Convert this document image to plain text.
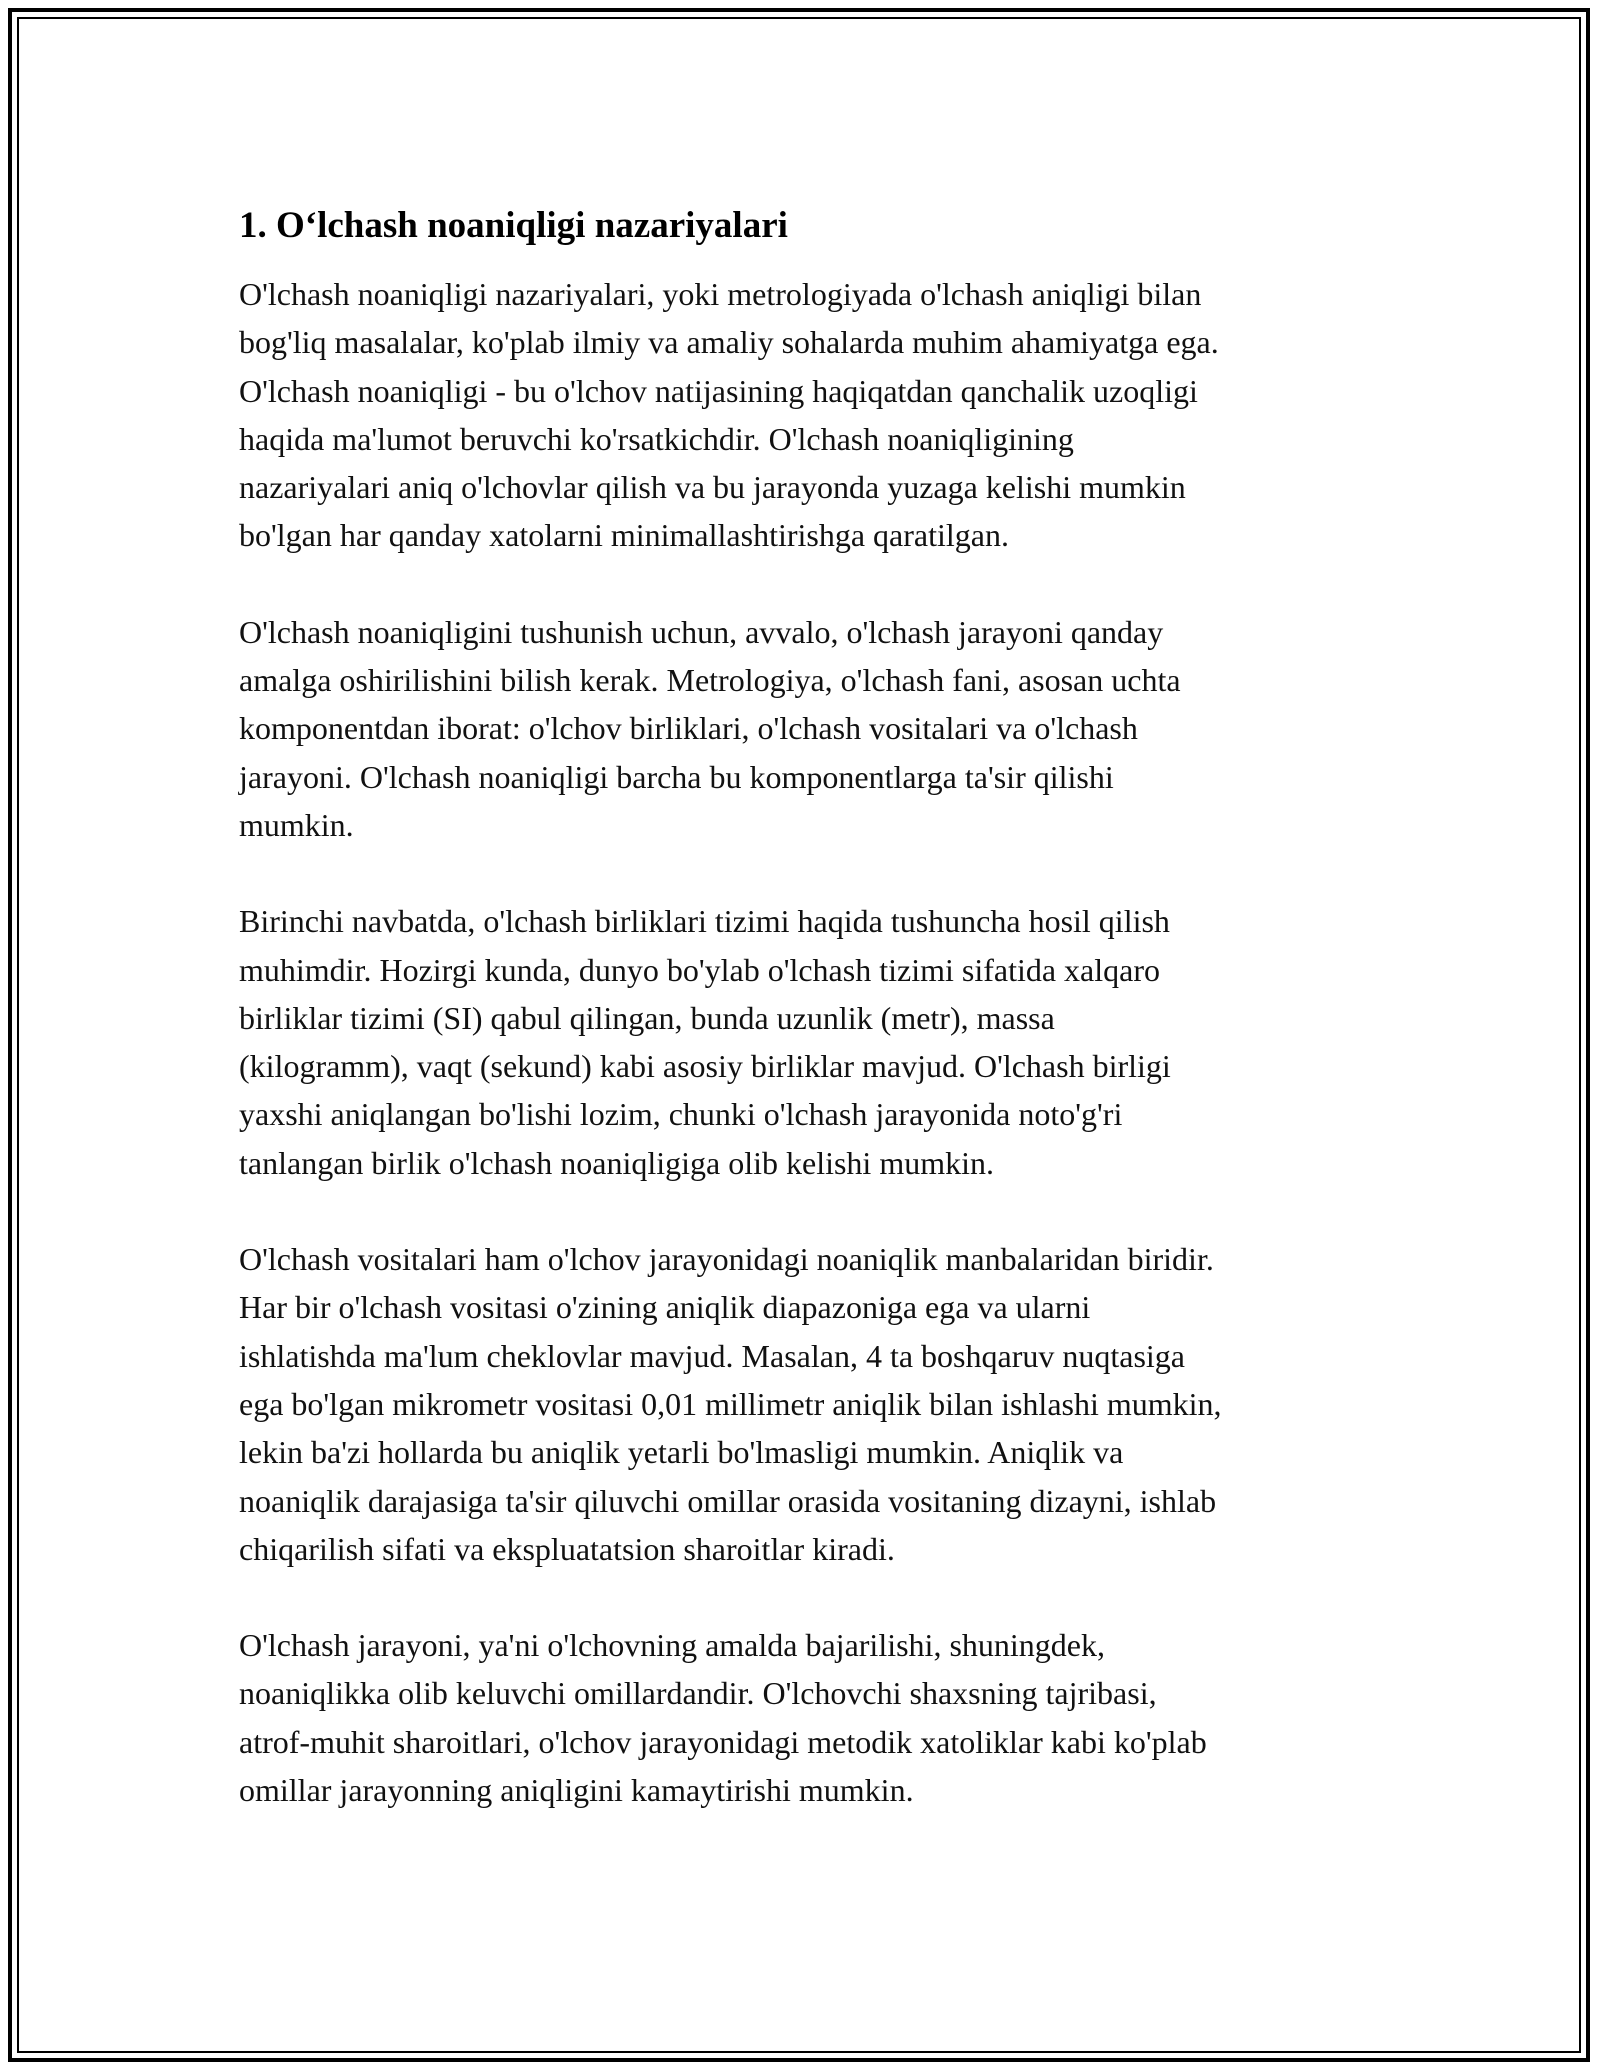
1. O‘lchash noaniqligi nazariyalari

O'lchash noaniqligi nazariyalari, yoki metrologiyada o'lchash aniqligi bilan
bog'liq masalalar, ko'plab ilmiy va amaliy sohalarda muhim ahamiyatga ega.
O'lchash noaniqligi - bu o'lchov natijasining haqiqatdan qanchalik uzoqligi
haqida ma'lumot beruvchi ko'rsatkichdir. O'lchash noaniqligining
nazariyalari aniq o'lchovlar qilish va bu jarayonda yuzaga kelishi mumkin
bo'lgan har qanday xatolarni minimallashtirishga qaratilgan.

O'lchash noaniqligini tushunish uchun, avvalo, o'lchash jarayoni qanday
amalga oshirilishini bilish kerak. Metrologiya, o'lchash fani, asosan uchta
komponentdan iborat: o'lchov birliklari, o'lchash vositalari va o'lchash
jarayoni. O'lchash noaniqligi barcha bu komponentlarga ta'sir qilishi
mumkin.

Birinchi navbatda, o'lchash birliklari tizimi haqida tushuncha hosil qilish
muhimdir. Hozirgi kunda, dunyo bo'ylab o'lchash tizimi sifatida xalqaro
birliklar tizimi (SI) qabul qilingan, bunda uzunlik (metr), massa
(kilogramm), vaqt (sekund) kabi asosiy birliklar mavjud. O'lchash birligi
yaxshi aniqlangan bo'lishi lozim, chunki o'lchash jarayonida noto'g'ri
tanlangan birlik o'lchash noaniqligiga olib kelishi mumkin.

O'lchash vositalari ham o'lchov jarayonidagi noaniqlik manbalaridan biridir.
Har bir o'lchash vositasi o'zining aniqlik diapazoniga ega va ularni
ishlatishda ma'lum cheklovlar mavjud. Masalan, 4 ta boshqaruv nuqtasiga
ega bo'lgan mikrometr vositasi 0,01 millimetr aniqlik bilan ishlashi mumkin,
lekin ba'zi hollarda bu aniqlik yetarli bo'lmasligi mumkin. Aniqlik va
noaniqlik darajasiga ta'sir qiluvchi omillar orasida vositaning dizayni, ishlab
chiqarilish sifati va ekspluatatsion sharoitlar kiradi.

O'lchash jarayoni, ya'ni o'lchovning amalda bajarilishi, shuningdek,
noaniqlikka olib keluvchi omillardandir. O'lchovchi shaxsning tajribasi,
atrof-muhit sharoitlari, o'lchov jarayonidagi metodik xatoliklar kabi ko'plab
omillar jarayonning aniqligini kamaytirishi mumkin.
